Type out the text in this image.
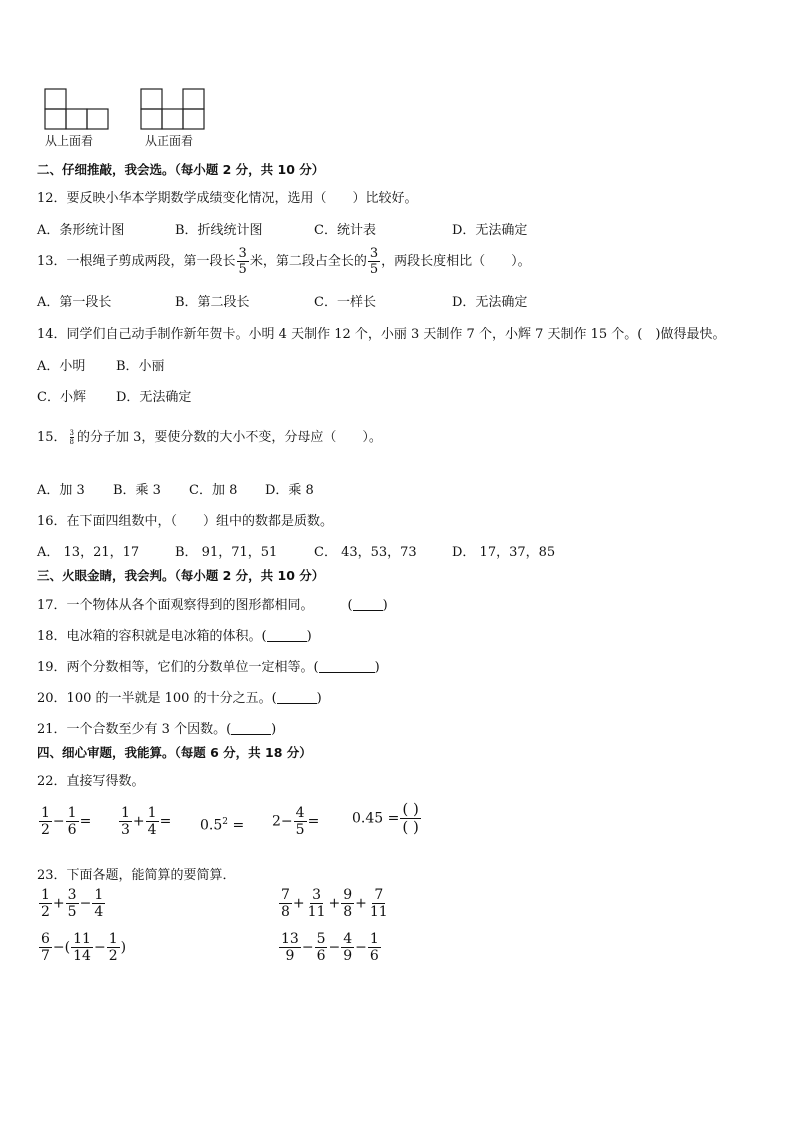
从上面看	从正面看
二、仔细推敲，我会选。（每小题 2 分，共 10 分）
12．要反映小华本学期数学成绩变化情况，选用（　　）比较好。
A．条形统计图	B．折线统计图	C．统计表	D．无法确定
13．一根绳子剪成两段，第一段长 $\frac{3}{5}$ 米，第二段占全长的 $\frac{3}{5}$ ，两段长度相比（　　）。
A．第一段长	B．第二段长	C．一样长	D．无法确定
14．同学们自己动手制作新年贺卡。小明 4 天制作 12 个，小丽 3 天制作 7 个，小辉 7 天制作 15 个。(　)做得最快。
A．小明 B．小丽
C．小辉 D．无法确定
15． $\frac{3}{8}$ 的分子加 3，要使分数的大小不变，分母应（　　）。
A．加 3 B．乘 3 C．加 8 D．乘 8
16．在下面四组数中，（　　）组中的数都是质数。
A． 13，21，17	B． 91，71，51	C． 43，53，73	D． 17，37，85
三、火眼金睛，我会判。（每小题 2 分，共 10 分）
17．一个物体从各个面观察得到的图形都相同。	( )
18．电冰箱的容积就是电冰箱的体积。(	)
19．两个分数相等，它们的分数单位一定相等。(	)
20．100 的一半就是 100 的十分之五。(	)
21．一个合数至少有 3 个因数。(	)
四、细心审题，我能算。（每题 6 分，共 18 分）
22．直接写得数。
$\frac{1}{2} - \frac{1}{6} = \frac{1}{3} + \frac{1}{4} = 0.5^2 = 2- \frac{4}{5} = 0.45 = \frac{( )}{( )}$
23．下面各题，能简算的要简算．
$\frac{1}{2} + \frac{3}{5} - \frac{1}{4}$	$\frac{7}{8} + \frac{3}{11} + \frac{9}{8} + \frac{7}{11}$
$\frac{6}{7}$ −( $\frac{11}{14} - \frac{1}{2}$ )	$\frac{13}{9} - \frac{5}{6} - \frac{4}{9} - \frac{1}{6}$
